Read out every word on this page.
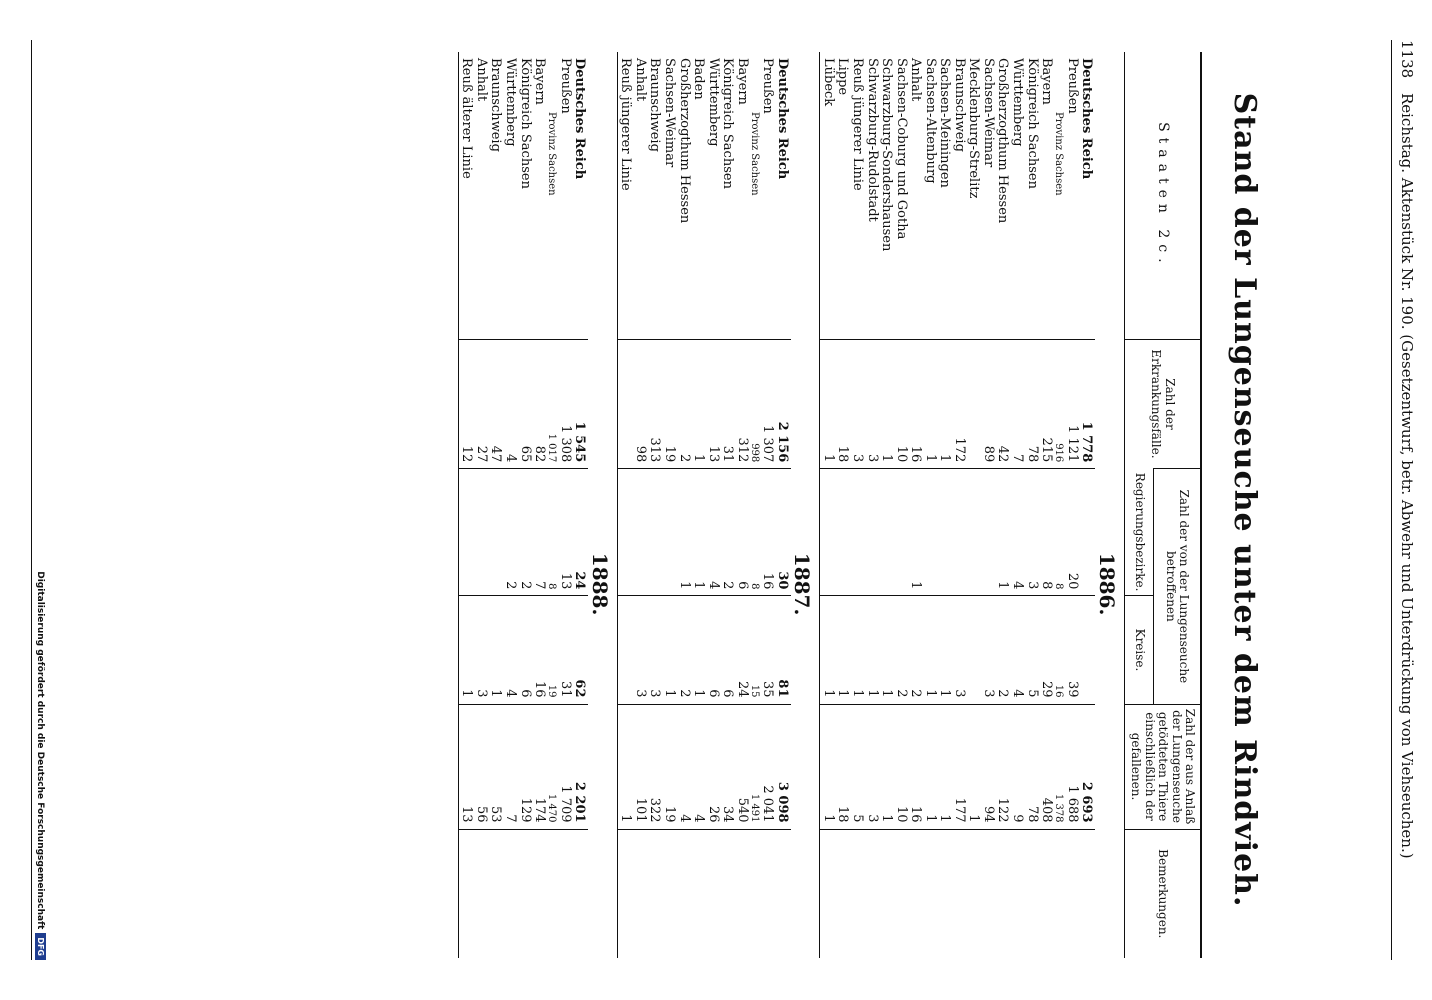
1138 Reichstag. Aktenstück Nr. 190. (Gesetzentwurf, betr. Abwehr und Unterdrückung von Viehseuchen.)
Stand der Lungenseuche unter dem Rindvieh.
Staaten 2c.	Zahl der Erkrankungsfälle.	Zahl der von der Lungenseuche betroffenen		Zahl der aus Anlaß der Lungenseuche getödteten Thiere einschließlich der gefallenen.	Bemerkungen.
		Regierungsbezirke.	Kreise.		
	1886.				
Deutsches Reich	1 778			2 693	
Preußen	1 121	20	39	1 688	
Provinz Sachsen	916	8	16	1 378	
Bayern	215	8	29	408	
Königreich Sachsen	78	3	5	78	
Württemberg	7	4	4	9	
Großherzogthum Hessen	42	1	2	122	
Sachsen-Weimar	89		3	94	
Mecklenburg-Strelitz				1	
Braunschweig	172		3	177	
Sachsen-Meiningen	1		1	1	
Sachsen-Altenburg	1		1	1	
Anhalt	16	1	2	16	
Sachsen-Coburg und Gotha	10		2	10	
Schwarzburg-Sondershausen	1		1	1	
Schwarzburg-Rudolstadt	3		1	3	
Reuß jüngerer Linie	3		1	5	
Lippe	18		1	18	
Lübeck	1		1	1	
	1887.				
Deutsches Reich	2 156	30	81	3 098	
Preußen	1 307	16	35	2 041	
Provinz Sachsen	998	8	15	1 491	
Bayern	312	6	24	540	
Königreich Sachsen	31	2	6	34	
Württemberg	13	4	6	26	
Baden	1	1	1	4	
Großherzogthum Hessen	2	1	2	4	
Sachsen-Weimar	19		1	19	
Braunschweig	313		3	322	
Anhalt	98		3	101	
Reuß jüngerer Linie				1	
	1888.				
Deutsches Reich	1 545	24	62	2 201	
Preußen	1 308	13	31	1 709	
Provinz Sachsen	1 017	8	19	1 470	
Bayern	82	7	16	174	
Königreich Sachsen	65	2	6	129	
Württemberg	4	2	4	7	
Braunschweig	47		1	53	
Anhalt	27		3	56	
Reuß älterer Linie	12		1	13	
Digitalisierung gefördert durch die Deutsche Forschungsgemeinschaft
DFG
